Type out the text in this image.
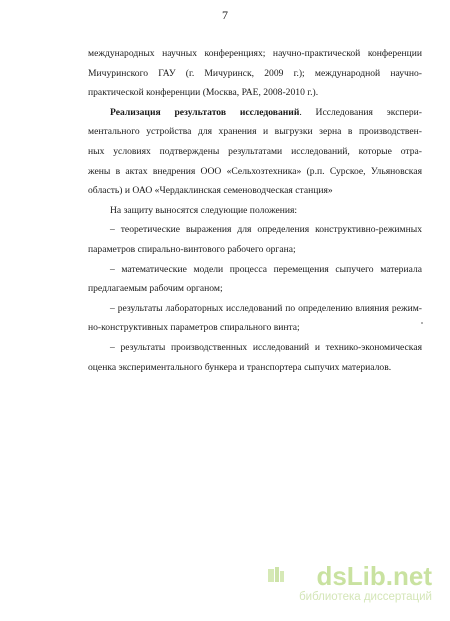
7
международных научных конференциях; научно-практической конференции
Мичуринского ГАУ (г. Мичуринск, 2009 г.); международной научно-
практической конференции (Москва, РАЕ, 2008-2010 г.).
Реализация результатов исследований. Исследования экспери-
ментального устройства для хранения и выгрузки зерна в производствен-
ных условиях подтверждены результатами исследований, которые отра-
жены в актах внедрения ООО «Сельхозтехника» (р.п. Сурское, Ульяновская
область) и ОАО «Чердаклинская семеноводческая станция»
На защиту выносятся следующие положения:
– теоретические выражения для определения конструктивно-режимных
параметров спирально-винтового рабочего органа;
– математические модели процесса перемещения сыпучего материала
предлагаемым рабочим органом;
– результаты лабораторных исследований по определению влияния режим-
но-конструктивных параметров спирального винта;
– результаты производственных исследований и технико-экономическая
оценка экспериментального бункера и транспортера сыпучих материалов.
dsLib.net
библиотека диссертаций
